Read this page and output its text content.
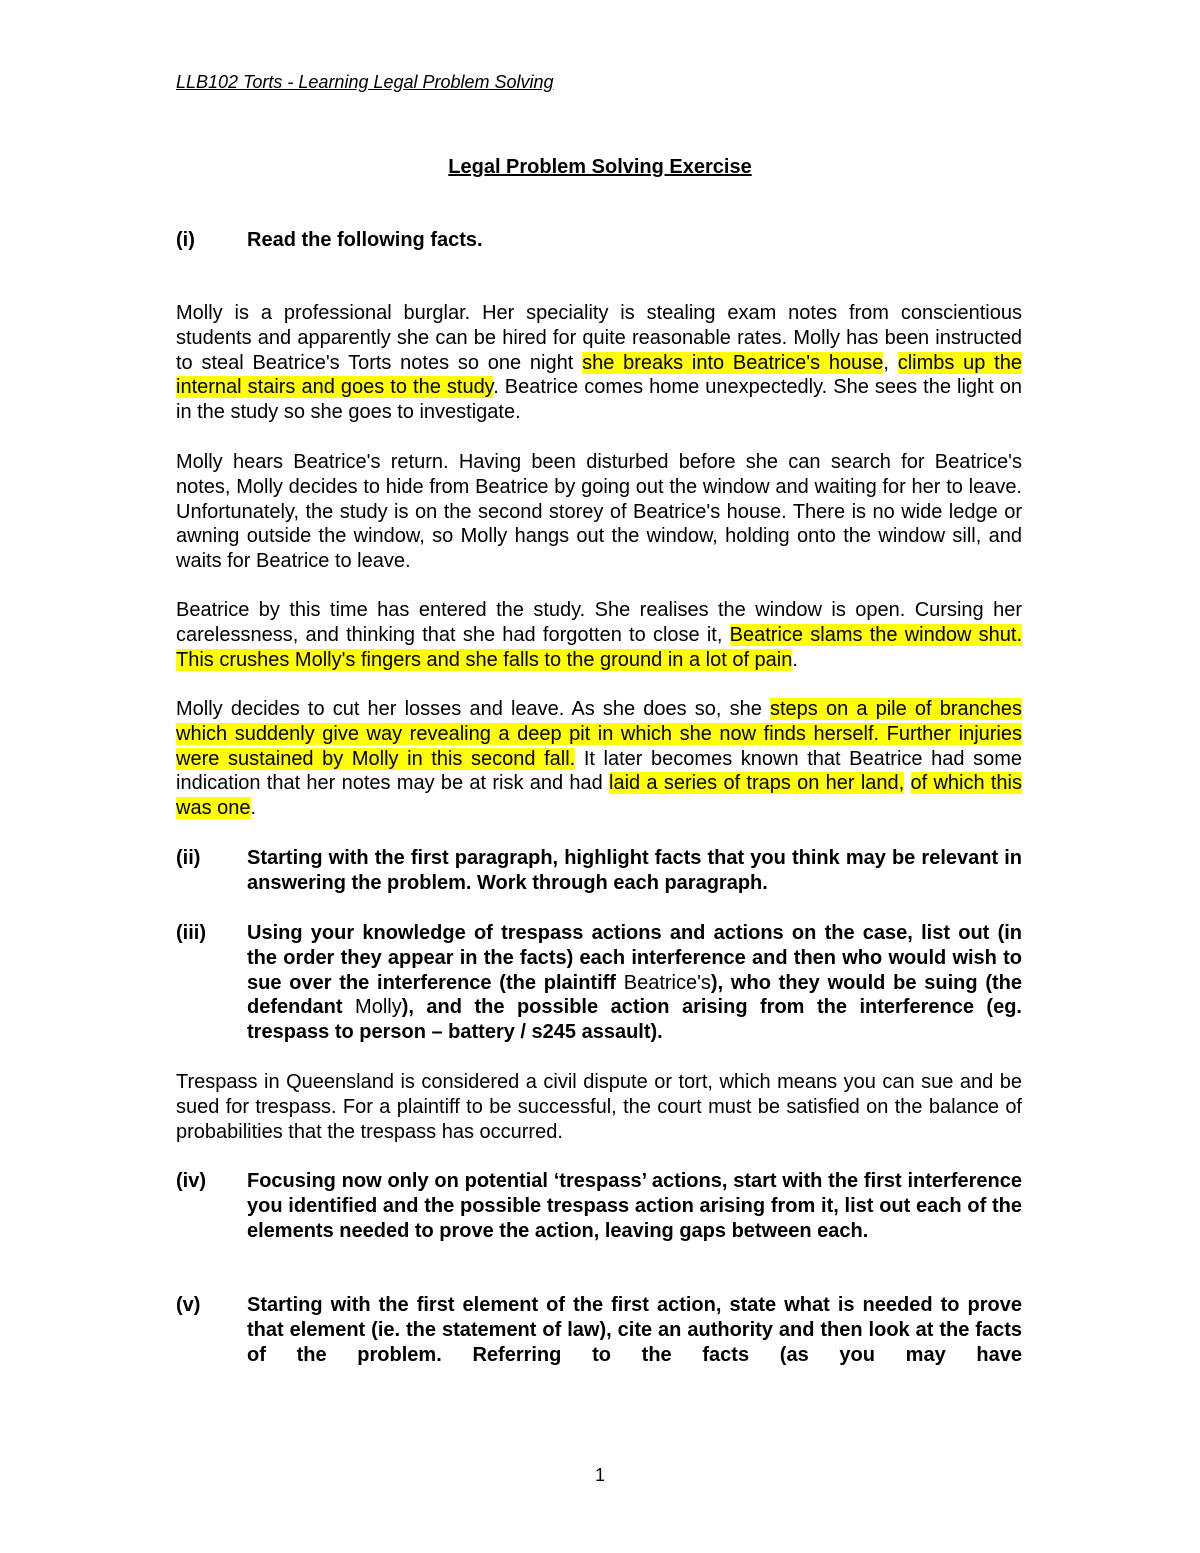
LLB102 Torts - Learning Legal Problem Solving
Legal Problem Solving Exercise
(i)	Read the following facts.

Molly is a professional burglar. Her speciality is stealing exam notes from conscientious students and apparently she can be hired for quite reasonable rates. Molly has been instructed to steal Beatrice's Torts notes so one night she breaks into Beatrice's house, climbs up the internal stairs and goes to the study. Beatrice comes home unexpectedly. She sees the light on in the study so she goes to investigate.

Molly hears Beatrice's return. Having been disturbed before she can search for Beatrice's notes, Molly decides to hide from Beatrice by going out the window and waiting for her to leave. Unfortunately, the study is on the second storey of Beatrice's house. There is no wide ledge or awning outside the window, so Molly hangs out the window, holding onto the window sill, and waits for Beatrice to leave.

Beatrice by this time has entered the study. She realises the window is open. Cursing her carelessness, and thinking that she had forgotten to close it, Beatrice slams the window shut. This crushes Molly's fingers and she falls to the ground in a lot of pain.

Molly decides to cut her losses and leave. As she does so, she steps on a pile of branches which suddenly give way revealing a deep pit in which she now finds herself. Further injuries were sustained by Molly in this second fall. It later becomes known that Beatrice had some indication that her notes may be at risk and had laid a series of traps on her land, of which this was one.

(ii) Starting with the first paragraph, highlight facts that you think may be relevant in answering the problem. Work through each paragraph.
(iii) Using your knowledge of trespass actions and actions on the case, list out (in the order they appear in the facts) each interference and then who would wish to sue over the interference (the plaintiff Beatrice's), who they would be suing (the defendant Molly), and the possible action arising from the interference (eg. trespass to person – battery / s245 assault).

Trespass in Queensland is considered a civil dispute or tort, which means you can sue and be sued for trespass. For a plaintiff to be successful, the court must be satisfied on the balance of probabilities that the trespass has occurred.

(iv) Focusing now only on potential ‘trespass’ actions, start with the first interference you identified and the possible trespass action arising from it, list out each of the elements needed to prove the action, leaving gaps between each.
(v) Starting with the first element of the first action, state what is needed to prove that element (ie. the statement of law), cite an authority and then look at the facts of the problem. Referring to the facts (as you may have
1
